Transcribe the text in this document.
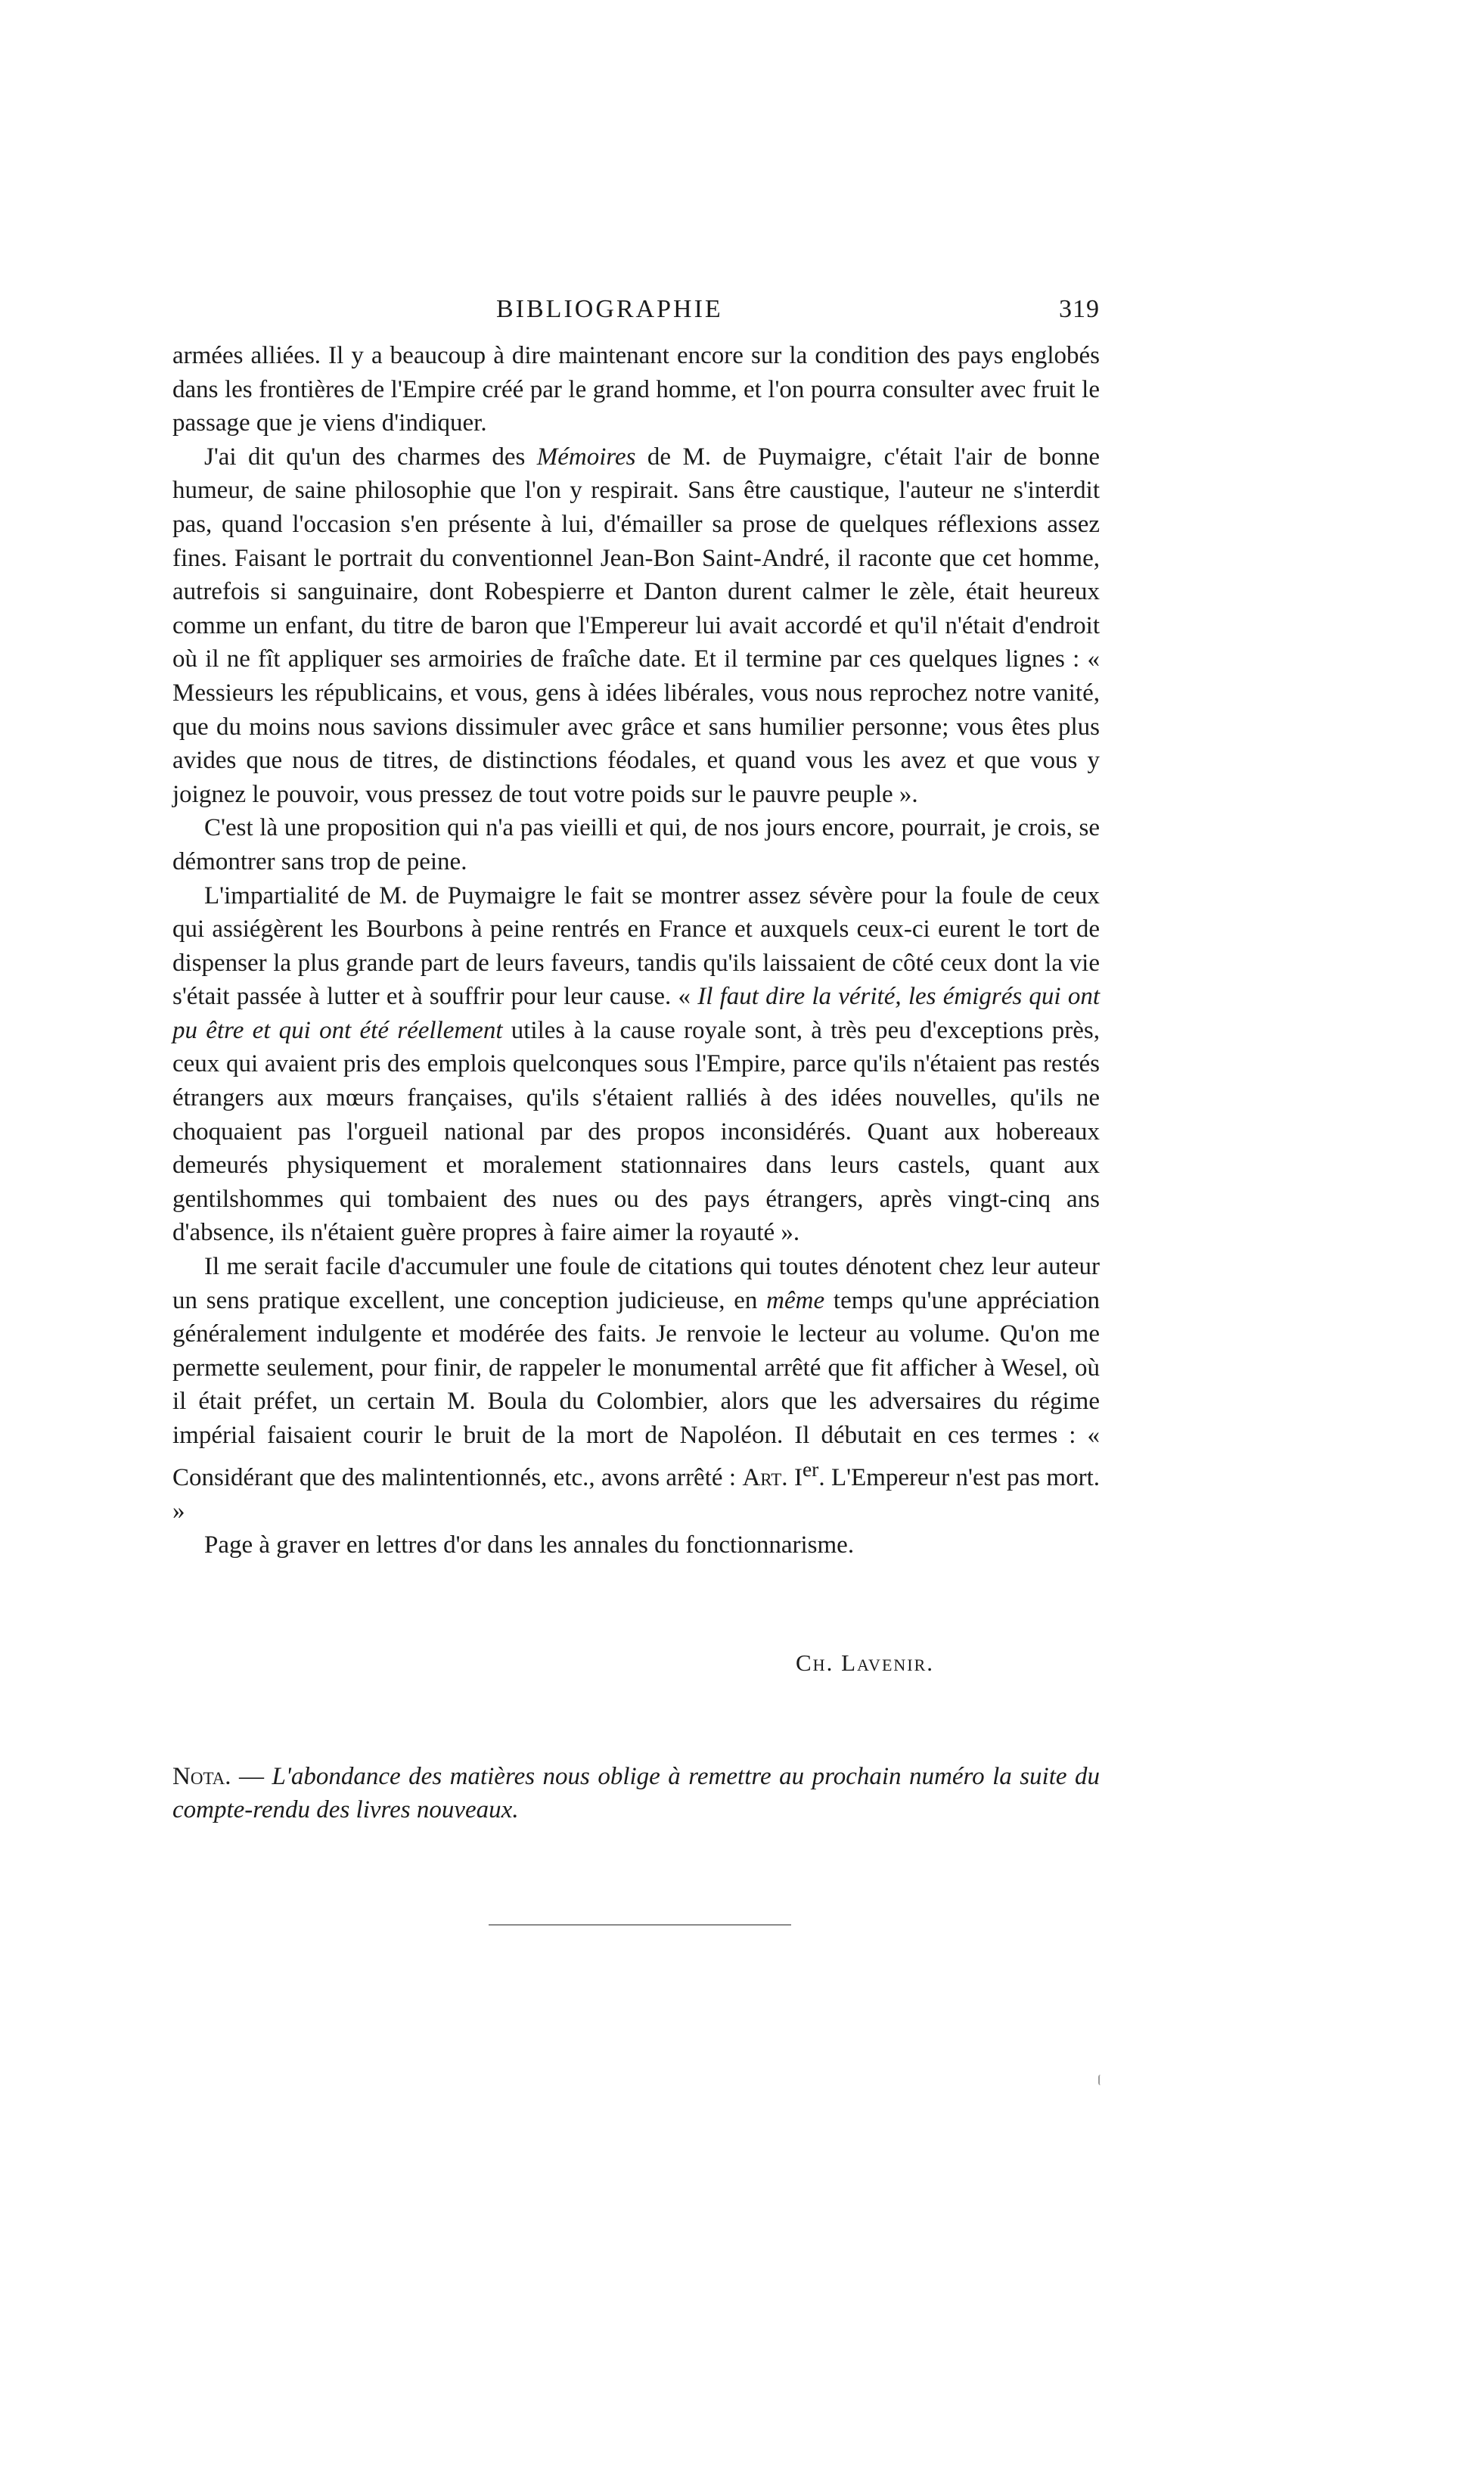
BIBLIOGRAPHIE	319

armées alliées. Il y a beaucoup à dire maintenant encore sur la condition des pays englobés dans les frontières de l'Empire créé par le grand homme, et l'on pourra consulter avec fruit le passage que je viens d'indiquer.

J'ai dit qu'un des charmes des Mémoires de M. de Puymaigre, c'était l'air de bonne humeur, de saine philosophie que l'on y respirait. Sans être caustique, l'auteur ne s'interdit pas, quand l'occasion s'en présente à lui, d'émailler sa prose de quelques réflexions assez fines. Faisant le portrait du conventionnel Jean-Bon Saint-André, il raconte que cet homme, autrefois si sanguinaire, dont Robespierre et Danton durent calmer le zèle, était heureux comme un enfant, du titre de baron que l'Empereur lui avait accordé et qu'il n'était d'endroit où il ne fît appliquer ses armoiries de fraîche date. Et il termine par ces quelques lignes : « Messieurs les républicains, et vous, gens à idées libérales, vous nous reprochez notre vanité, que du moins nous savions dissimuler avec grâce et sans humilier personne; vous êtes plus avides que nous de titres, de distinctions féodales, et quand vous les avez et que vous y joignez le pouvoir, vous pressez de tout votre poids sur le pauvre peuple ».

C'est là une proposition qui n'a pas vieilli et qui, de nos jours encore, pourrait, je crois, se démontrer sans trop de peine.

L'impartialité de M. de Puymaigre le fait se montrer assez sévère pour la foule de ceux qui assiégèrent les Bourbons à peine rentrés en France et auxquels ceux-ci eurent le tort de dispenser la plus grande part de leurs faveurs, tandis qu'ils laissaient de côté ceux dont la vie s'était passée à lutter et à souffrir pour leur cause. « Il faut dire la vérité, les émigrés qui ont pu être et qui ont été réellement utiles à la cause royale sont, à très peu d'exceptions près, ceux qui avaient pris des emplois quelconques sous l'Empire, parce qu'ils n'étaient pas restés étrangers aux mœurs françaises, qu'ils s'étaient ralliés à des idées nouvelles, qu'ils ne choquaient pas l'orgueil national par des propos inconsidérés. Quant aux hobereaux demeurés physiquement et moralement stationnaires dans leurs castels, quant aux gentilshommes qui tombaient des nues ou des pays étrangers, après vingt-cinq ans d'absence, ils n'étaient guère propres à faire aimer la royauté ».

Il me serait facile d'accumuler une foule de citations qui toutes dénotent chez leur auteur un sens pratique excellent, une conception judicieuse, en même temps qu'une appréciation généralement indulgente et modérée des faits. Je renvoie le lecteur au volume. Qu'on me permette seulement, pour finir, de rappeler le monumental arrêté que fit afficher à Wesel, où il était préfet, un certain M. Boula du Colombier, alors que les adversaires du régime impérial faisaient courir le bruit de la mort de Napoléon. Il débutait en ces termes : « Considérant que des malintentionnés, etc., avons arrêté : Art. Ier. L'Empereur n'est pas mort. »

Page à graver en lettres d'or dans les annales du fonctionnarisme.

Ch. Lavenir.
Nota. — L'abondance des matières nous oblige à remettre au prochain numéro la suite du compte-rendu des livres nouveaux.
